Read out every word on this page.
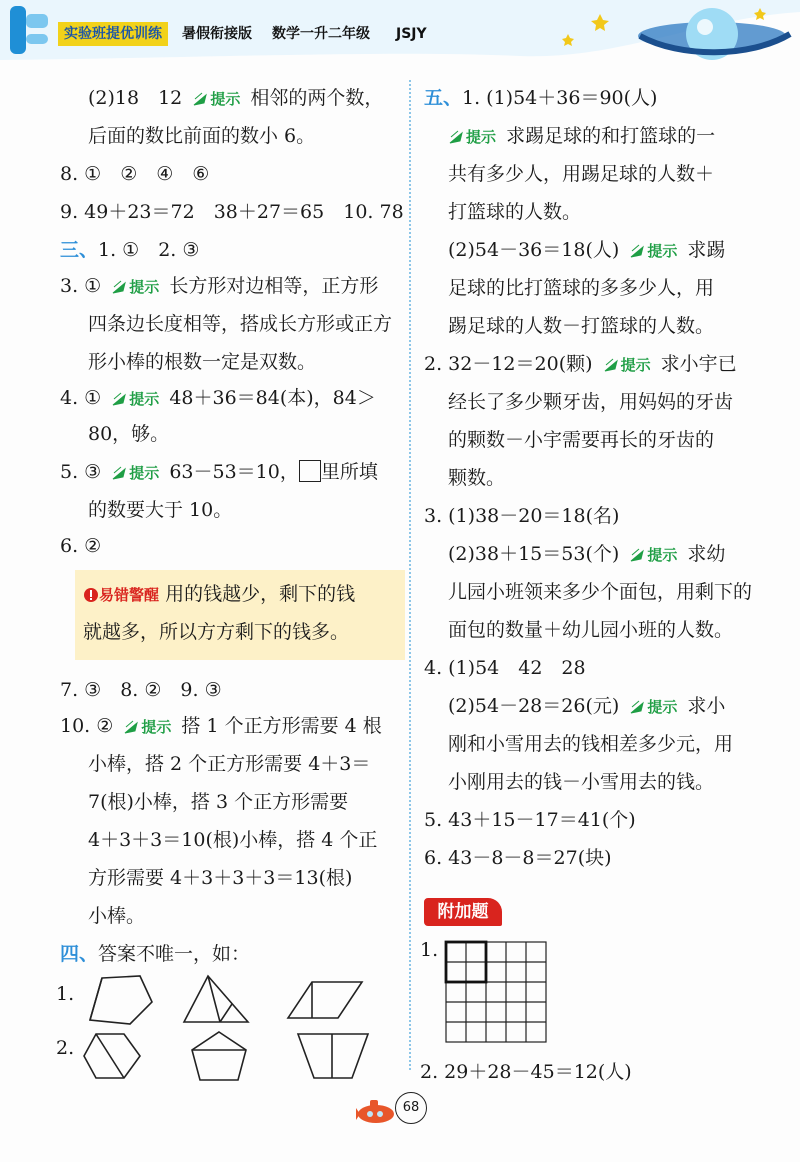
实验班提优训练	暑假衔接版 数学一升二年级 JSJY
(2)18　12 提示 相邻的两个数，
后面的数比前面的数小 6。
8. ①　②　④　⑥
9. 49＋23＝72　38＋27＝65　10. 78
三、1. ①　2. ③
3. ① 提示 长方形对边相等，正方形
四条边长度相等，搭成长方形或正方
形小棒的根数一定是双数。
4. ① 提示 48＋36＝84(本)，84＞
80，够。
5. ③ 提示 63－53＝10， 里所填
的数要大于 10。
6. ②
易错警醒 用的钱越少，剩下的钱
就越多，所以方方剩下的钱多。
7. ③　8. ②　9. ③
10. ② 提示 搭 1 个正方形需要 4 根
小棒，搭 2 个正方形需要 4＋3＝
7(根)小棒，搭 3 个正方形需要
4＋3＋3＝10(根)小棒，搭 4 个正
方形需要 4＋3＋3＋3＝13(根)
小棒。
四、答案不唯一，如：
1.
2.
五、1. (1)54＋36＝90(人)
提示 求踢足球的和打篮球的一
共有多少人，用踢足球的人数＋
打篮球的人数。
(2)54－36＝18(人) 提示 求踢
足球的比打篮球的多多少人，用
踢足球的人数－打篮球的人数。
2. 32－12＝20(颗) 提示 求小宇已
经长了多少颗牙齿，用妈妈的牙齿
的颗数－小宇需要再长的牙齿的
颗数。
3. (1)38－20＝18(名)
(2)38＋15＝53(个) 提示 求幼
儿园小班领来多少个面包，用剩下的
面包的数量＋幼儿园小班的人数。
4. (1)54　42　28
(2)54－28＝26(元) 提示 求小
刚和小雪用去的钱相差多少元，用
小刚用去的钱－小雪用去的钱。
5. 43＋15－17＝41(个)
6. 43－8－8＝27(块)
附加题
1.
2. 29＋28－45＝12(人)
68
